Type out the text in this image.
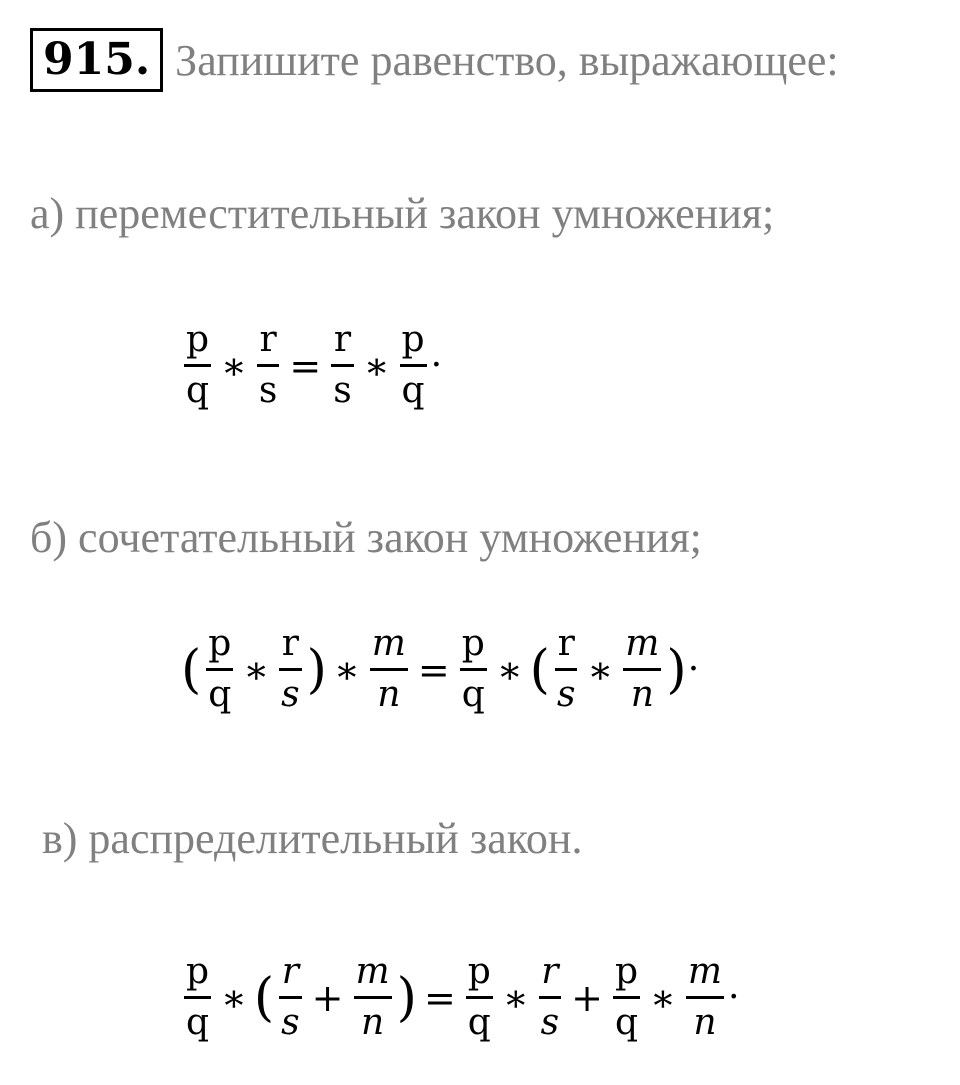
915. Запишите равенство, выражающее:
а) переместительный закон умножения;
$\frac{p}{q}$ ∗ $\frac{r}{s} = \frac{r}{s}$ ∗ $\frac{p}{q}$ .
б) сочетательный закон умножения;
( $\frac{p}{q}$ ∗ $\frac{r}{s}$ ) ∗ $\frac{m}{n} = \frac{p}{q}$ ∗ ( $\frac{r}{s}$ ∗ $\frac{m}{n}$ ) .
в) распределительный закон.
$\frac{p}{q}$ ∗ ( $\frac{r}{s} + \frac{m}{n}$ ) = $\frac{p}{q}$ ∗ $\frac{r}{s} + \frac{p}{q}$ ∗ $\frac{m}{n}$ .
